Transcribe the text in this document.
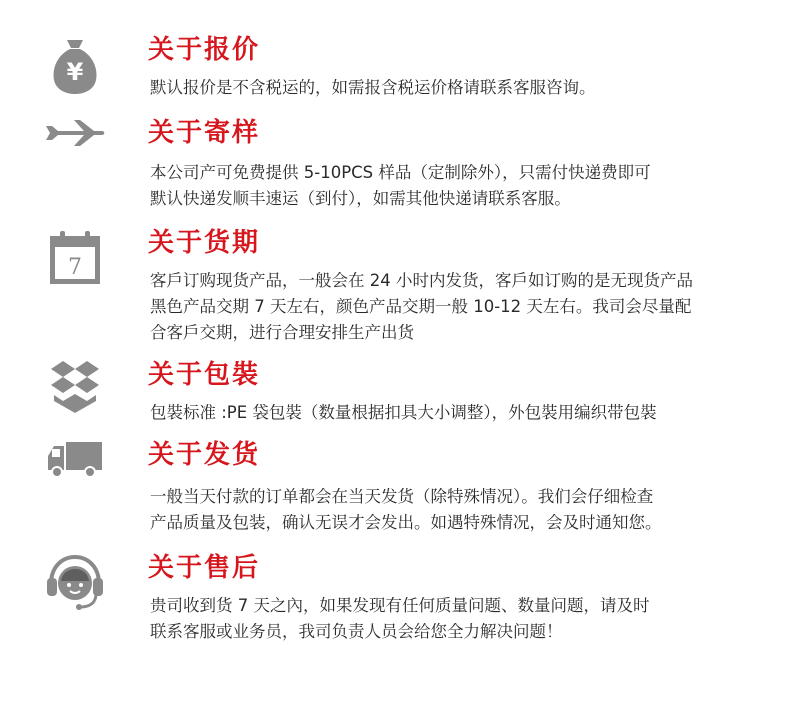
¥
关于报价

默认报价是不含税运的，如需报含税运价格请联系客服咨询。

关于寄样

本公司产可免费提供 5-10PCS 样品（定制除外），只需付快递费即可

默认快递发顺丰速运（到付），如需其他快递请联系客服。

7
关于货期

客戶订购现货产品，一般会在 24 小时内发货，客戶如订购的是无现货产品

黑色产品交期 7 天左右，颜色产品交期一般 10-12 天左右。我司会尽量配

合客戶交期，进行合理安排生产出货

关于包裝

包裝标准 :PE 袋包裝（数量根据扣具大小调整），外包裝用编织带包裝

关于发货

一般当天付款的订单都会在当天发货（除特殊情况）。我们会仔细检查

产品质量及包装，确认无误才会发出。如遇特殊情况，会及时通知您。

关于售后

贵司收到货 7 天之內，如果发现有任何质量问题、数量问题，请及时

联系客服或业务员，我司负责人员会给您全力解决问题！
